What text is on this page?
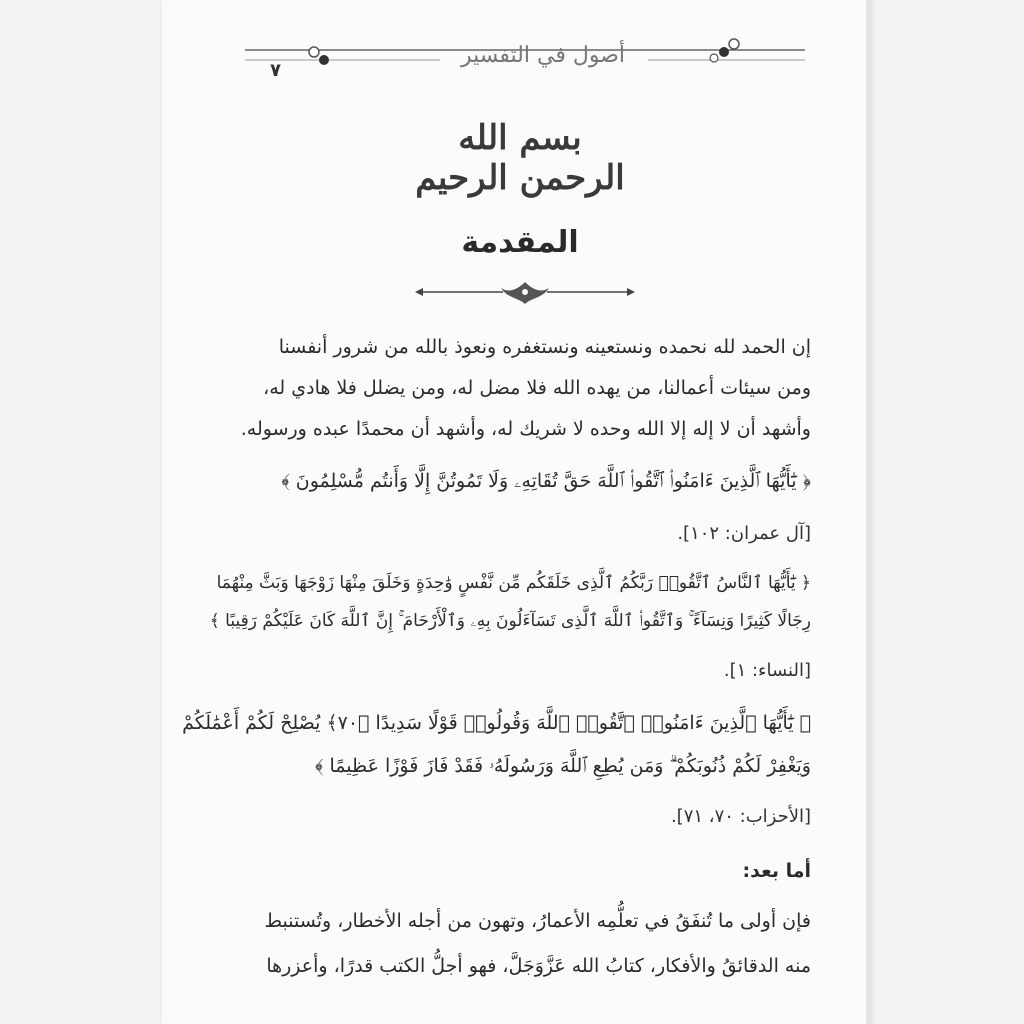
أصول في التفسير
٧
بسم الله الرحمن الرحيم
المقدمة
إن الحمد لله نحمده ونستعينه ونستغفره ونعوذ بالله من شرور أنفسنا
ومن سيئات أعمالنا، من يهده الله فلا مضل له، ومن يضلل فلا هادي له،
وأشهد أن لا إله إلا الله وحده لا شريك له، وأشهد أن محمدًا عبده ورسوله.
﴿ يَٰٓأَيُّهَا ٱلَّذِينَ ءَامَنُوا۟ ٱتَّقُوا۟ ٱللَّهَ حَقَّ تُقَاتِهِۦ وَلَا تَمُوتُنَّ إِلَّا وَأَنتُم مُّسْلِمُونَ ﴾
[آل عمران: ١٠٢].
﴿ يَٰٓأَيُّهَا ٱلنَّاسُ ٱتَّقُوا۟ رَبَّكُمُ ٱلَّذِى خَلَقَكُم مِّن نَّفْسٍ وَٰحِدَةٍ وَخَلَقَ مِنْهَا زَوْجَهَا وَبَثَّ مِنْهُمَا
رِجَالًا كَثِيرًا وَنِسَآءً ۚ وَٱتَّقُوا۟ ٱللَّهَ ٱلَّذِى تَسَآءَلُونَ بِهِۦ وَٱلْأَرْحَامَ ۚ إِنَّ ٱللَّهَ كَانَ عَلَيْكُمْ رَقِيبًا ﴾
[النساء: ١].
﴿ يَٰٓأَيُّهَا ٱلَّذِينَ ءَامَنُوا۟ ٱتَّقُوا۟ ٱللَّهَ وَقُولُوا۟ قَوْلًا سَدِيدًا ﴿٧٠﴾ يُصْلِحْ لَكُمْ أَعْمَٰلَكُمْ
وَيَغْفِرْ لَكُمْ ذُنُوبَكُمْ ۗ وَمَن يُطِعِ ٱللَّهَ وَرَسُولَهُۥ فَقَدْ فَازَ فَوْزًا عَظِيمًا ﴾
[الأحزاب: ٧٠، ٧١].
أما بعد:
فإن أولى ما تُنفَقُ في تعلُّمِه الأعمارُ، وتهون من أجله الأخطار، وتُستنبط
منه الدقائقُ والأفكار، كتابُ الله عَزَّوَجَلَّ، فهو أجلُّ الكتب قدرًا، وأعزرها
